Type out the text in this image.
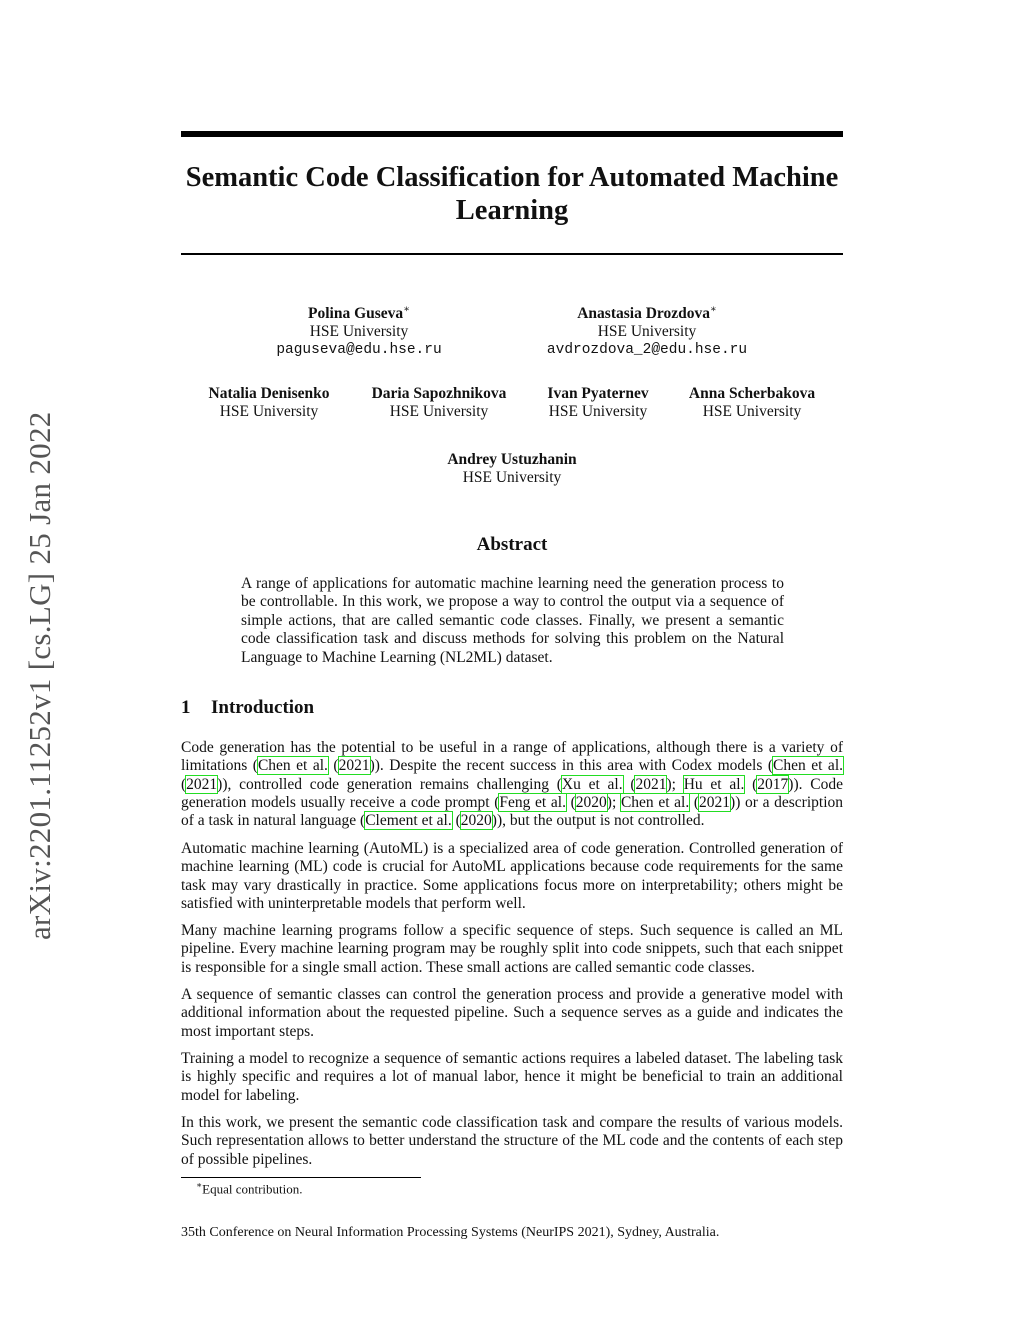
arXiv:2201.11252v1 [cs.LG] 25 Jan 2022
Semantic Code Classification for Automated Machine Learning
Polina Guseva∗
HSE University
paguseva@edu.hse.ru
Anastasia Drozdova∗
HSE University
avdrozdova_2@edu.hse.ru
Natalia Denisenko
HSE University
Daria Sapozhnikova
HSE University
Ivan Pyaternev
HSE University
Anna Scherbakova
HSE University
Andrey Ustuzhanin
HSE University
Abstract

A range of applications for automatic machine learning need the generation process to be controllable. In this work, we propose a way to control the output via a sequence of simple actions, that are called semantic code classes. Finally, we present a semantic code classification task and discuss methods for solving this problem on the Natural Language to Machine Learning (NL2ML) dataset.

1 Introduction

Code generation has the potential to be useful in a range of applications, although there is a variety of limitations (Chen et al. (2021)). Despite the recent success in this area with Codex models (Chen et al. (2021)), controlled code generation remains challenging (Xu et al. (2021); Hu et al. (2017)). Code generation models usually receive a code prompt (Feng et al. (2020); Chen et al. (2021)) or a description of a task in natural language (Clement et al. (2020)), but the output is not controlled.

Automatic machine learning (AutoML) is a specialized area of code generation. Controlled generation of machine learning (ML) code is crucial for AutoML applications because code requirements for the same task may vary drastically in practice. Some applications focus more on interpretability; others might be satisfied with uninterpretable models that perform well.

Many machine learning programs follow a specific sequence of steps. Such sequence is called an ML pipeline. Every machine learning program may be roughly split into code snippets, such that each snippet is responsible for a single small action. These small actions are called semantic code classes.

A sequence of semantic classes can control the generation process and provide a generative model with additional information about the requested pipeline. Such a sequence serves as a guide and indicates the most important steps.

Training a model to recognize a sequence of semantic actions requires a labeled dataset. The labeling task is highly specific and requires a lot of manual labor, hence it might be beneficial to train an additional model for labeling.

In this work, we present the semantic code classification task and compare the results of various models. Such representation allows to better understand the structure of the ML code and the contents of each step of possible pipelines.

∗Equal contribution.

35th Conference on Neural Information Processing Systems (NeurIPS 2021), Sydney, Australia.
